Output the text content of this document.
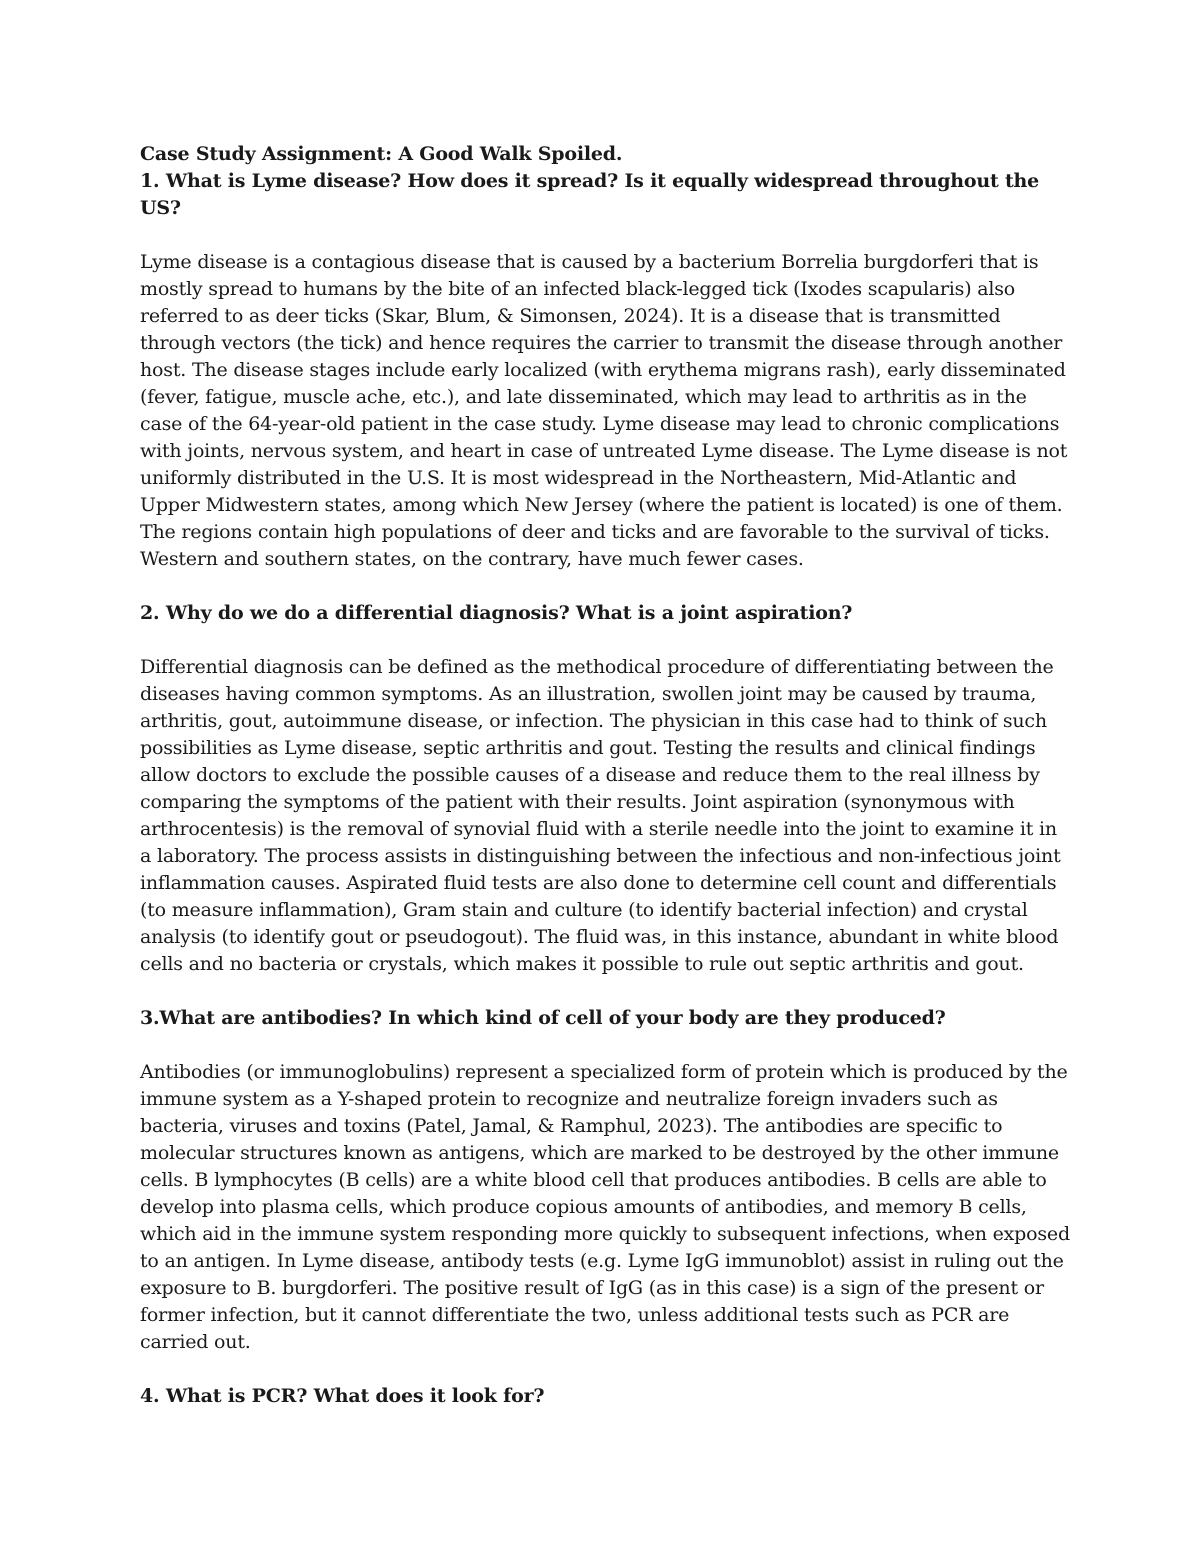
Case Study Assignment: A Good Walk Spoiled.

1. What is Lyme disease? How does it spread? Is it equally widespread throughout the US?

Lyme disease is a contagious disease that is caused by a bacterium Borrelia burgdorferi that is mostly spread to humans by the bite of an infected black-legged tick (Ixodes scapularis) also referred to as deer ticks (Skar, Blum, & Simonsen, 2024). It is a disease that is transmitted through vectors (the tick) and hence requires the carrier to transmit the disease through another host. The disease stages include early localized (with erythema migrans rash), early disseminated (fever, fatigue, muscle ache, etc.), and late disseminated, which may lead to arthritis as in the case of the 64-year-old patient in the case study. Lyme disease may lead to chronic complications with joints, nervous system, and heart in case of untreated Lyme disease. The Lyme disease is not uniformly distributed in the U.S. It is most widespread in the Northeastern, Mid-Atlantic and Upper Midwestern states, among which New Jersey (where the patient is located) is one of them. The regions contain high populations of deer and ticks and are favorable to the survival of ticks. Western and southern states, on the contrary, have much fewer cases.

2. Why do we do a differential diagnosis? What is a joint aspiration?

Differential diagnosis can be defined as the methodical procedure of differentiating between the diseases having common symptoms. As an illustration, swollen joint may be caused by trauma, arthritis, gout, autoimmune disease, or infection. The physician in this case had to think of such possibilities as Lyme disease, septic arthritis and gout. Testing the results and clinical findings allow doctors to exclude the possible causes of a disease and reduce them to the real illness by comparing the symptoms of the patient with their results. Joint aspiration (synonymous with arthrocentesis) is the removal of synovial fluid with a sterile needle into the joint to examine it in a laboratory. The process assists in distinguishing between the infectious and non-infectious joint inflammation causes. Aspirated fluid tests are also done to determine cell count and differentials (to measure inflammation), Gram stain and culture (to identify bacterial infection) and crystal analysis (to identify gout or pseudogout). The fluid was, in this instance, abundant in white blood cells and no bacteria or crystals, which makes it possible to rule out septic arthritis and gout.

3.What are antibodies? In which kind of cell of your body are they produced?

Antibodies (or immunoglobulins) represent a specialized form of protein which is produced by the immune system as a Y-shaped protein to recognize and neutralize foreign invaders such as bacteria, viruses and toxins (Patel, Jamal, & Ramphul, 2023). The antibodies are specific to molecular structures known as antigens, which are marked to be destroyed by the other immune cells. B lymphocytes (B cells) are a white blood cell that produces antibodies. B cells are able to develop into plasma cells, which produce copious amounts of antibodies, and memory B cells, which aid in the immune system responding more quickly to subsequent infections, when exposed to an antigen. In Lyme disease, antibody tests (e.g. Lyme IgG immunoblot) assist in ruling out the exposure to B. burgdorferi. The positive result of IgG (as in this case) is a sign of the present or former infection, but it cannot differentiate the two, unless additional tests such as PCR are carried out.

4. What is PCR? What does it look for?
